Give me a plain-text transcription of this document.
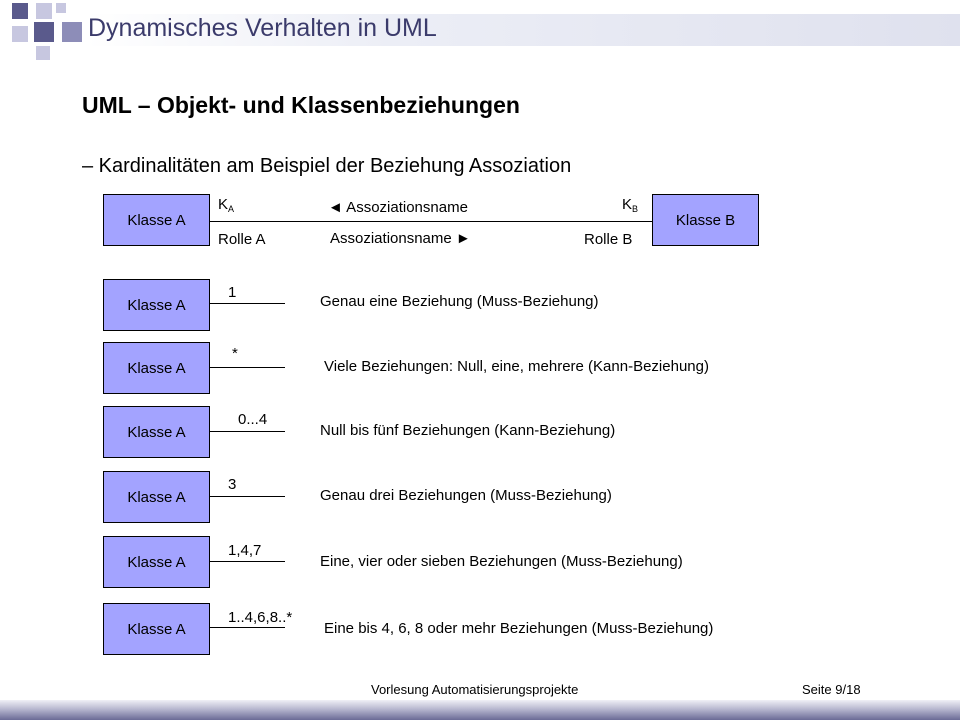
Dynamisches Verhalten in UML
UML – Objekt- und Klassenbeziehungen
– Kardinalitäten am Beispiel der Beziehung Assoziation
Klasse A	Klasse B
$K_A$	$K_B$
Rolle A	Rolle B
◄ Assoziationsname
Assoziationsname ►
Klasse A
1
Genau eine Beziehung (Muss-Beziehung)
Klasse A
*
Viele Beziehungen: Null, eine, mehrere (Kann-Beziehung)
Klasse A
0...4
Null bis fünf Beziehungen (Kann-Beziehung)
Klasse A
3
Genau drei Beziehungen (Muss-Beziehung)
Klasse A
1,4,7
Eine, vier oder sieben Beziehungen (Muss-Beziehung)
Klasse A
1..4,6,8..*
Eine bis 4, 6, 8 oder mehr Beziehungen (Muss-Beziehung)
Vorlesung Automatisierungsprojekte	Seite 9/18
